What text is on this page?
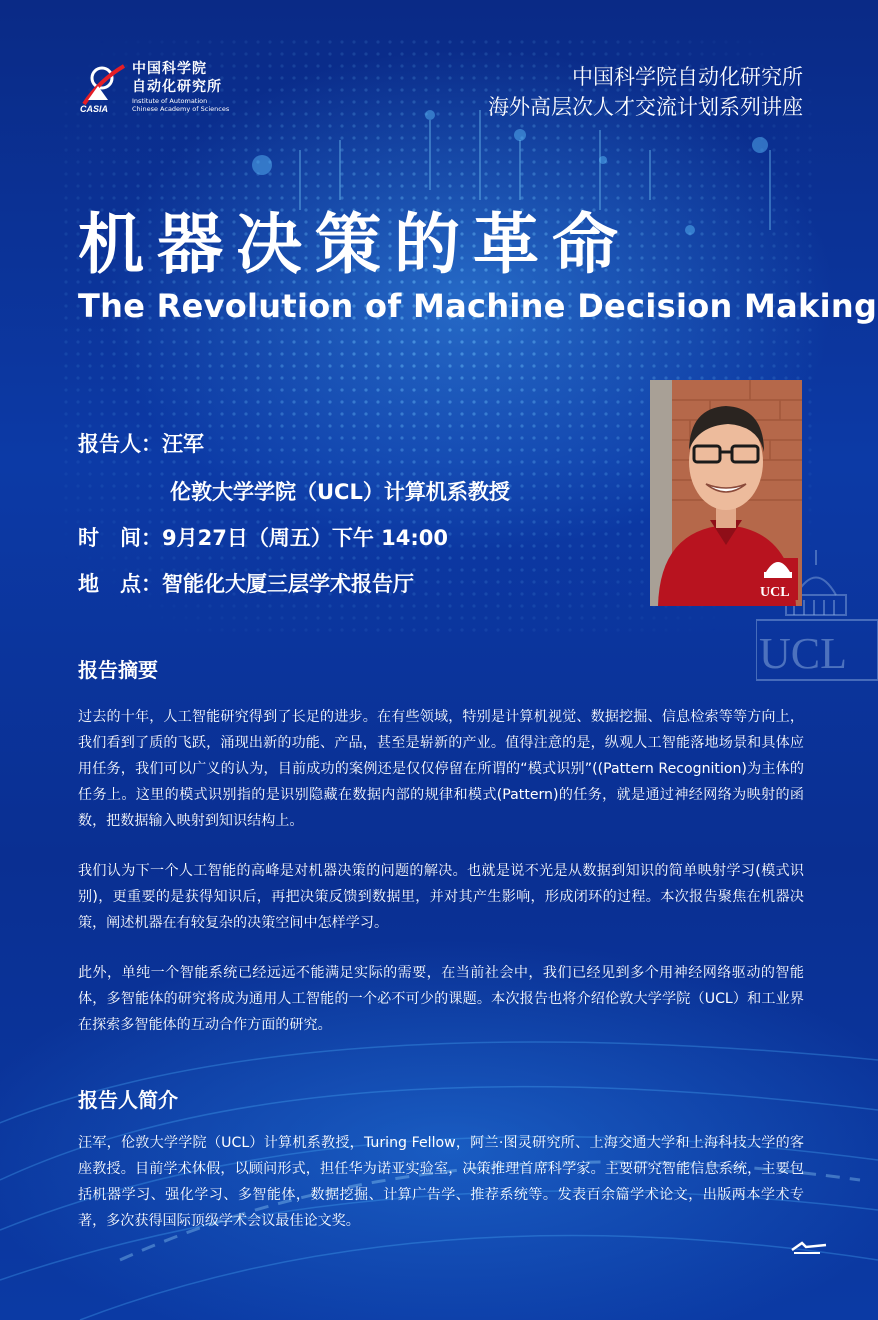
CASIA
中国科学院
自动化研究所
Institute of Automation
Chinese Academy of Sciences
中国科学院自动化研究所
海外高层次人才交流计划系列讲座
机器决策的革命
The Revolution of Machine Decision Making
报告人：汪军
伦敦大学学院（UCL）计算机系教授
时　间：9月27日（周五）下午 14:00
地　点：智能化大厦三层学术报告厅
UCL
UCL
报告摘要
过去的十年，人工智能研究得到了长足的进步。在有些领域，特别是计算机视觉、数据挖掘、信息检索等等方向上，我们看到了质的飞跃，涌现出新的功能、产品，甚至是崭新的产业。值得注意的是，纵观人工智能落地场景和具体应用任务，我们可以广义的认为，目前成功的案例还是仅仅停留在所谓的“模式识别”((Pattern Recognition)为主体的任务上。这里的模式识别指的是识别隐藏在数据内部的规律和模式(Pattern)的任务，就是通过神经网络为映射的函数，把数据输入映射到知识结构上。
我们认为下一个人工智能的高峰是对机器决策的问题的解决。也就是说不光是从数据到知识的简单映射学习(模式识别)，更重要的是获得知识后，再把决策反馈到数据里，并对其产生影响，形成闭环的过程。本次报告聚焦在机器决策，阐述机器在有较复杂的决策空间中怎样学习。
此外，单纯一个智能系统已经远远不能满足实际的需要，在当前社会中，我们已经见到多个用神经网络驱动的智能体，多智能体的研究将成为通用人工智能的一个必不可少的课题。本次报告也将介绍伦敦大学学院（UCL）和工业界在探索多智能体的互动合作方面的研究。
报告人简介
汪军，伦敦大学学院（UCL）计算机系教授，Turing Fellow，阿兰·图灵研究所、上海交通大学和上海科技大学的客座教授。目前学术休假，以顾问形式，担任华为诺亚实验室，决策推理首席科学家。主要研究智能信息系统，主要包括机器学习、强化学习、多智能体，数据挖掘、计算广告学、推荐系统等。发表百余篇学术论文，出版两本学术专著，多次获得国际顶级学术会议最佳论文奖。
